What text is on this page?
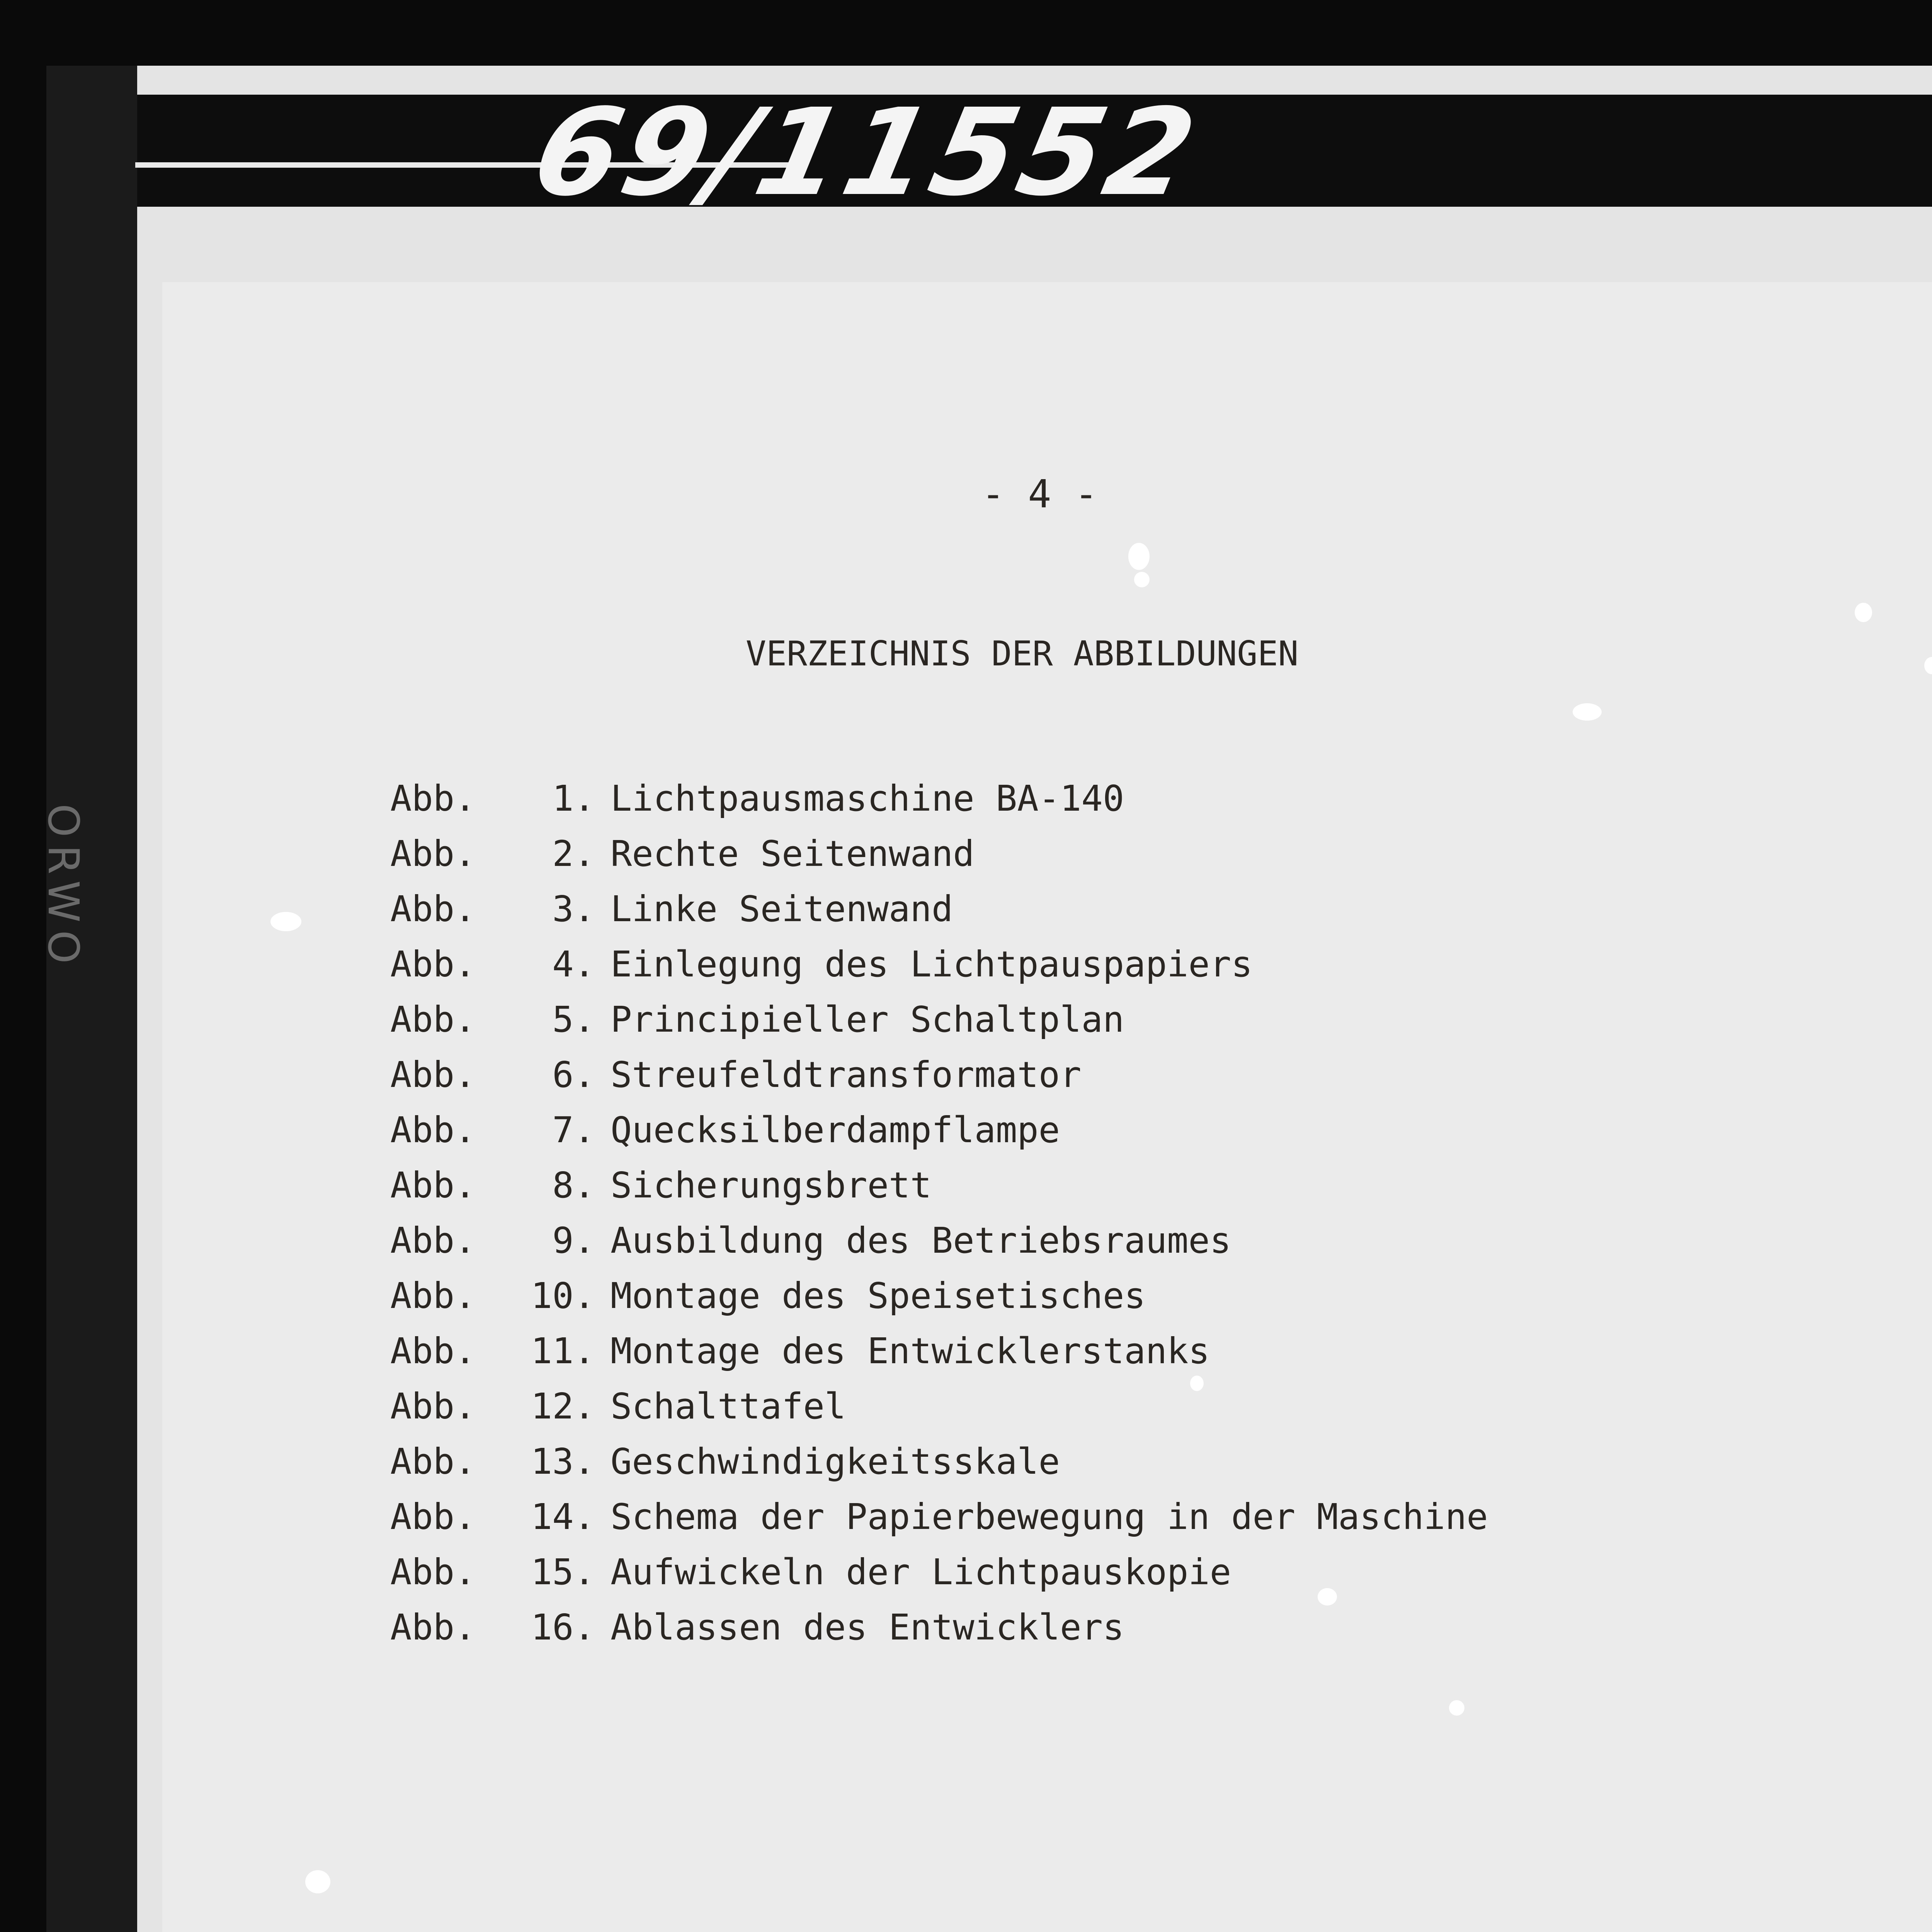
ORWO
69/11552
- 4 -
VERZEICHNIS DER ABBILDUNGEN
Abb.	1. Lichtpausmaschine BA-140
Abb.	2. Rechte Seitenwand
Abb.	3. Linke Seitenwand
Abb.	4. Einlegung des Lichtpauspapiers
Abb.	5. Principieller Schaltplan
Abb.	6. Streufeldtransformator
Abb.	7. Quecksilberdampflampe
Abb.	8. Sicherungsbrett
Abb.	9. Ausbildung des Betriebsraumes
Abb.	10. Montage des Speisetisches
Abb.	11. Montage des Entwicklerstanks
Abb.	12. Schalttafel
Abb.	13. Geschwindigkeitsskale
Abb.	14. Schema der Papierbewegung in der Maschine
Abb.	15. Aufwickeln der Lichtpauskopie
Abb.	16. Ablassen des Entwicklers
